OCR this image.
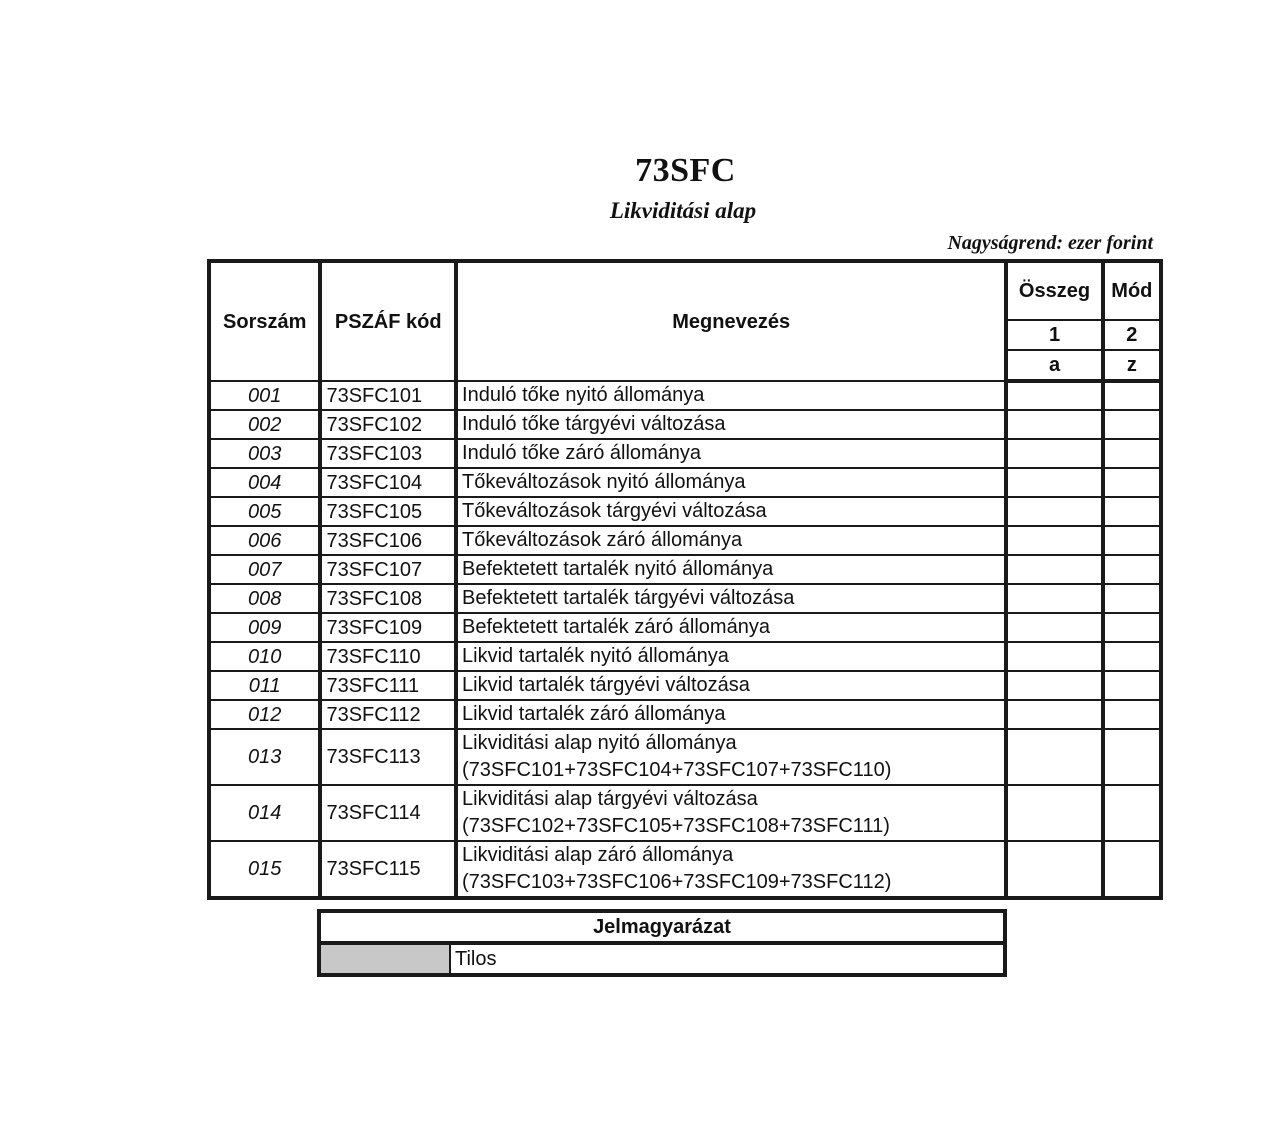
73SFC
Likviditási alap
Nagyságrend: ezer forint
Sorszám	PSZÁF kód	Megnevezés	Összeg	Mód
			1	2
			a	z
001	73SFC101	Induló tőke nyitó állománya		

002	73SFC102	Induló tőke tárgyévi változása		

003	73SFC103	Induló tőke záró állománya		

004	73SFC104	Tőkeváltozások nyitó állománya		

005	73SFC105	Tőkeváltozások tárgyévi változása		

006	73SFC106	Tőkeváltozások záró állománya		

007	73SFC107	Befektetett tartalék nyitó állománya		

008	73SFC108	Befektetett tartalék tárgyévi változása		

009	73SFC109	Befektetett tartalék záró állománya		

010	73SFC110	Likvid tartalék nyitó állománya		

011	73SFC111	Likvid tartalék tárgyévi változása		

012	73SFC112	Likvid tartalék záró állománya		

013	73SFC113	Likviditási alap nyitó állománya
(73SFC101+73SFC104+73SFC107+73SFC110)		

014	73SFC114	Likviditási alap tárgyévi változása
(73SFC102+73SFC105+73SFC108+73SFC111)		

015	73SFC115	Likviditási alap záró állománya
(73SFC103+73SFC106+73SFC109+73SFC112)		

Jelmagyarázat
	Tilos
